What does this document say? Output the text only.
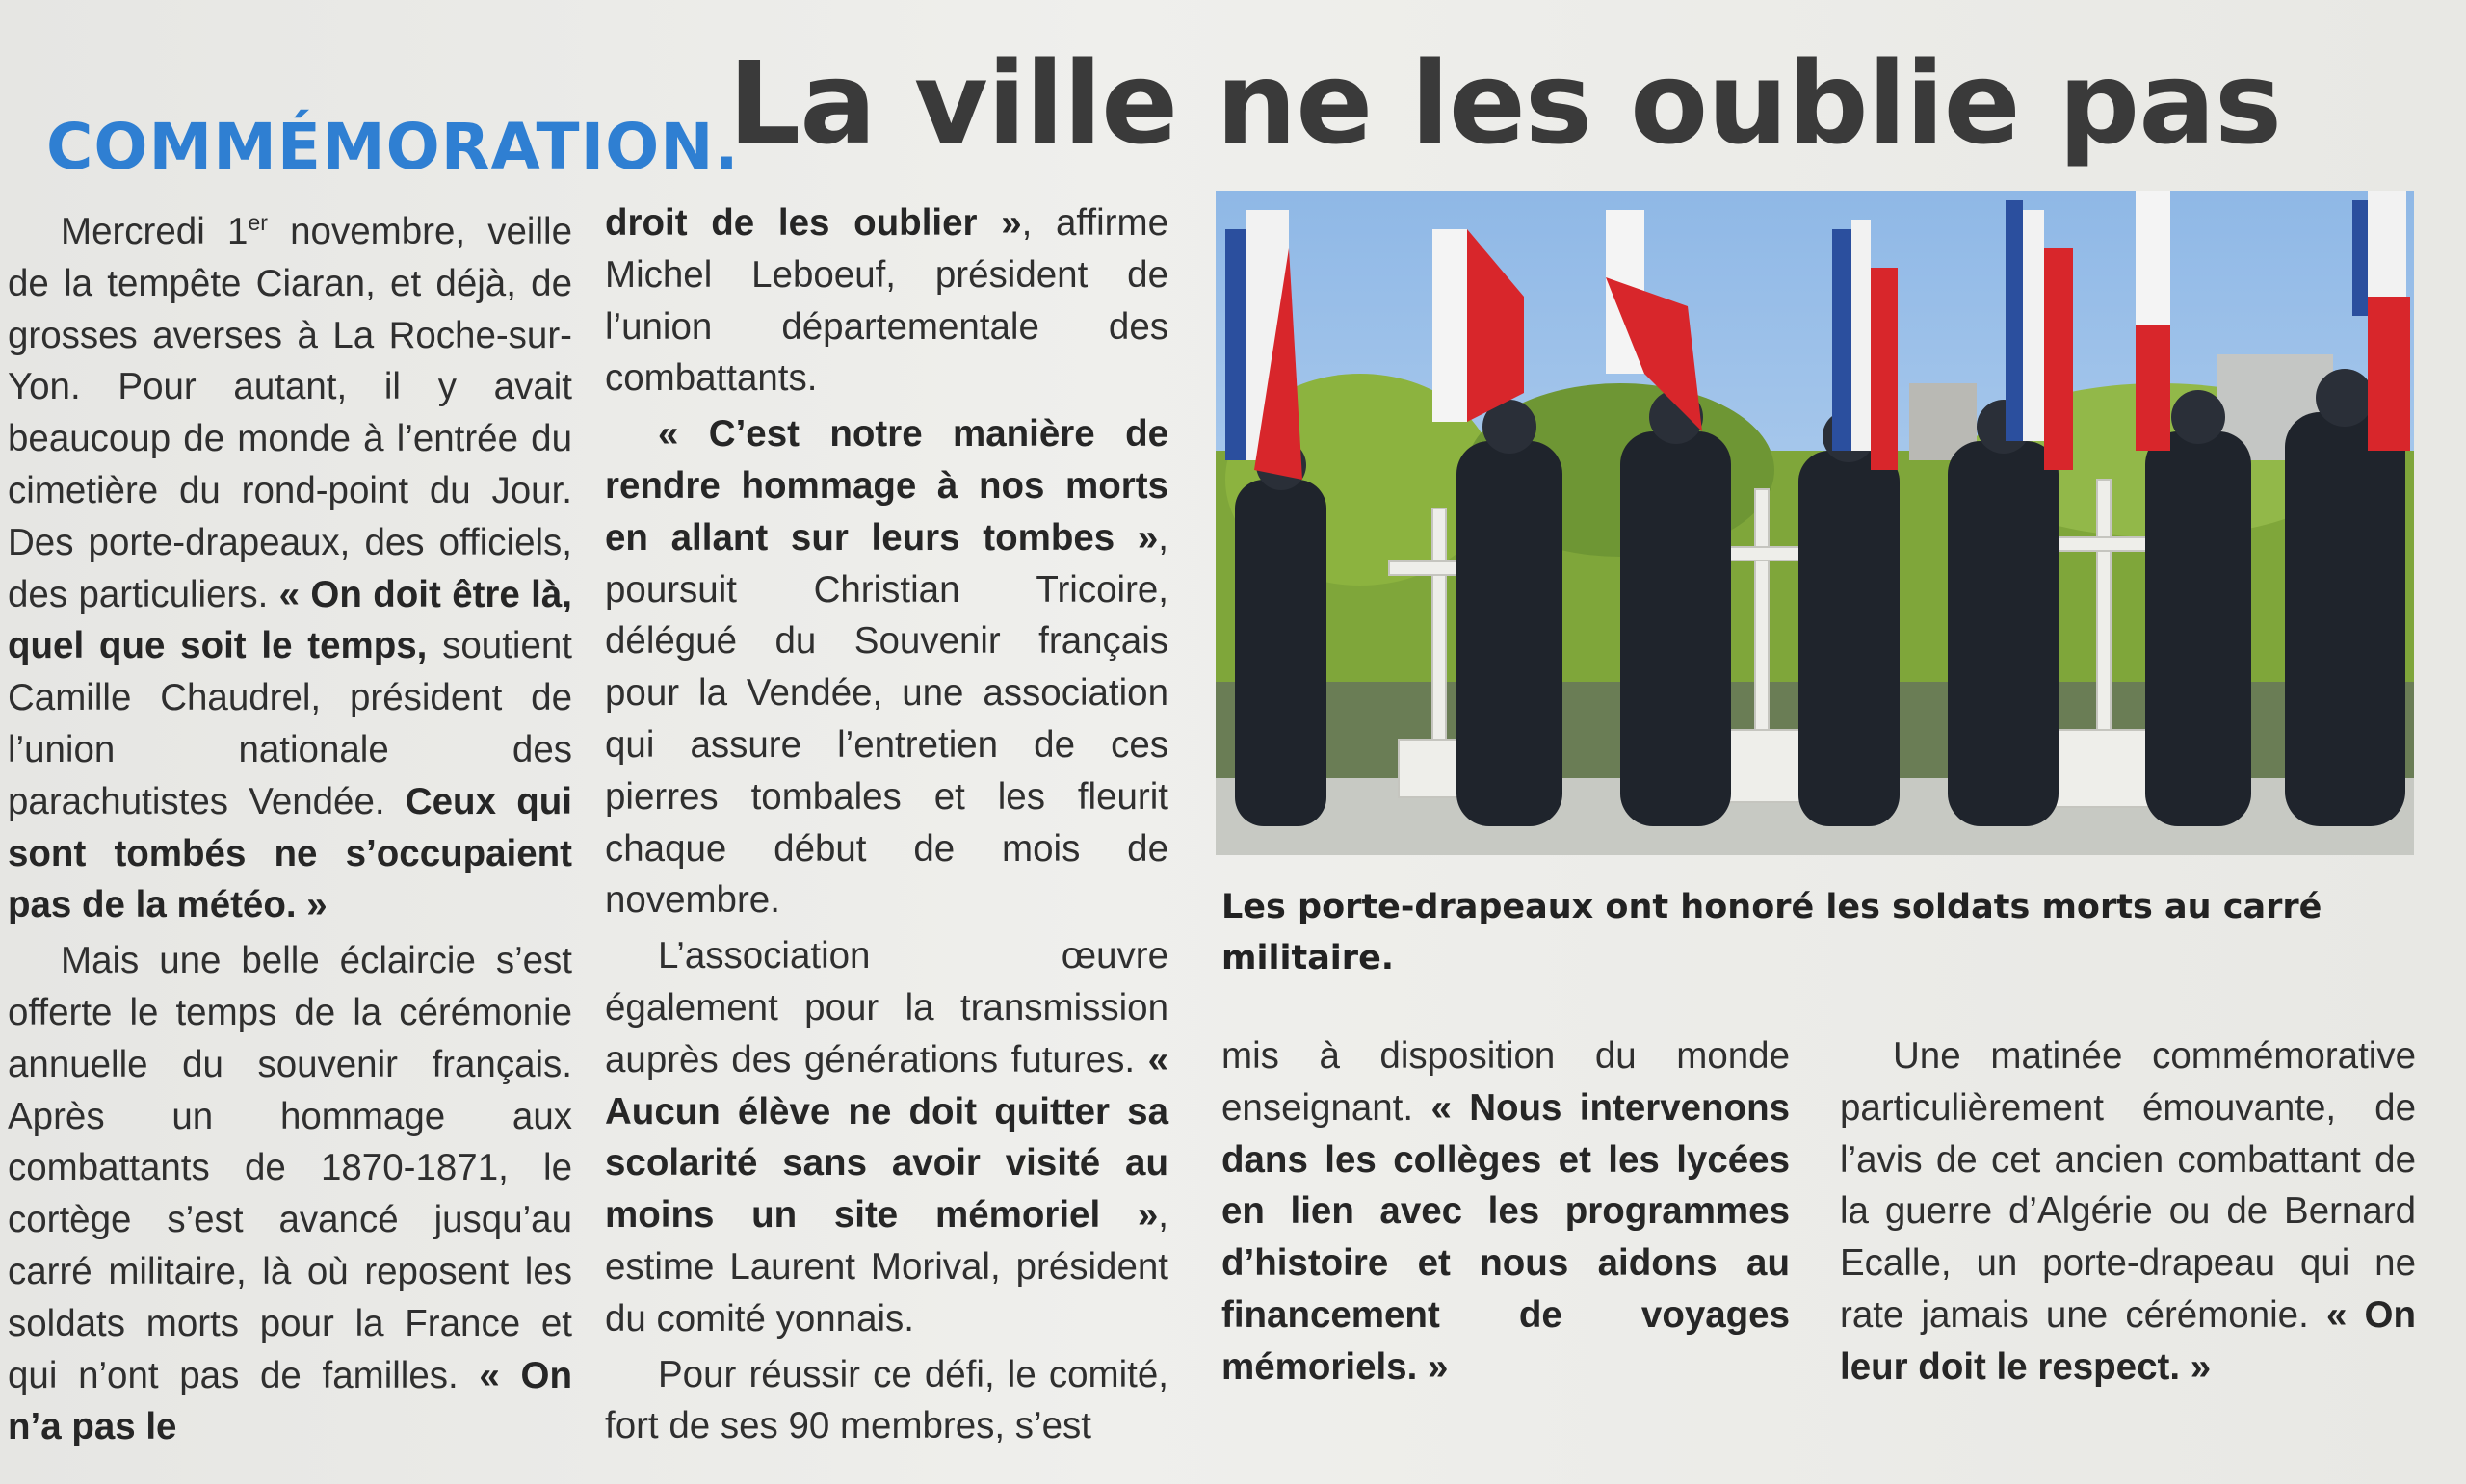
COMMÉMORATION.
La ville ne les oublie pas

Mercredi 1er novembre, veille de la tempête Ciaran, et déjà, de grosses averses à La Roche-sur-Yon. Pour autant, il y avait beaucoup de monde à l’entrée du cimetière du rond-point du Jour. Des porte-drapeaux, des officiels, des particuliers. « On doit être là, quel que soit le temps, soutient Camille Chaudrel, président de l’union nationale des parachutistes Vendée. Ceux qui sont tombés ne s’occupaient pas de la météo. »

Mais une belle éclaircie s’est offerte le temps de la cérémonie annuelle du souvenir français. Après un hommage aux combattants de 1870-1871, le cortège s’est avancé jusqu’au carré militaire, là où reposent les soldats morts pour la France et qui n’ont pas de familles. « On n’a pas le

droit de les oublier », affirme Michel Leboeuf, président de l’union départementale des combattants.

« C’est notre manière de rendre hommage à nos morts en allant sur leurs tombes », poursuit Christian Tricoire, délégué du Souvenir français pour la Vendée, une association qui assure l’entretien de ces pierres tombales et les fleurit chaque début de mois de novembre.

L’association œuvre également pour la transmission auprès des générations futures. « Aucun élève ne doit quitter sa scolarité sans avoir visité au moins un site mémoriel », estime Laurent Morival, président du comité yonnais.

Pour réussir ce défi, le comité, fort de ses 90 membres, s’est

Les porte-drapeaux ont honoré les soldats morts au carré militaire.

mis à disposition du monde enseignant. « Nous intervenons dans les collèges et les lycées en lien avec les programmes d’histoire et nous aidons au financement de voyages mémoriels. »

Une matinée commémorative particulièrement émouvante, de l’avis de cet ancien combattant de la guerre d’Algérie ou de Bernard Ecalle, un porte-drapeau qui ne rate jamais une cérémonie. « On leur doit le respect. »
